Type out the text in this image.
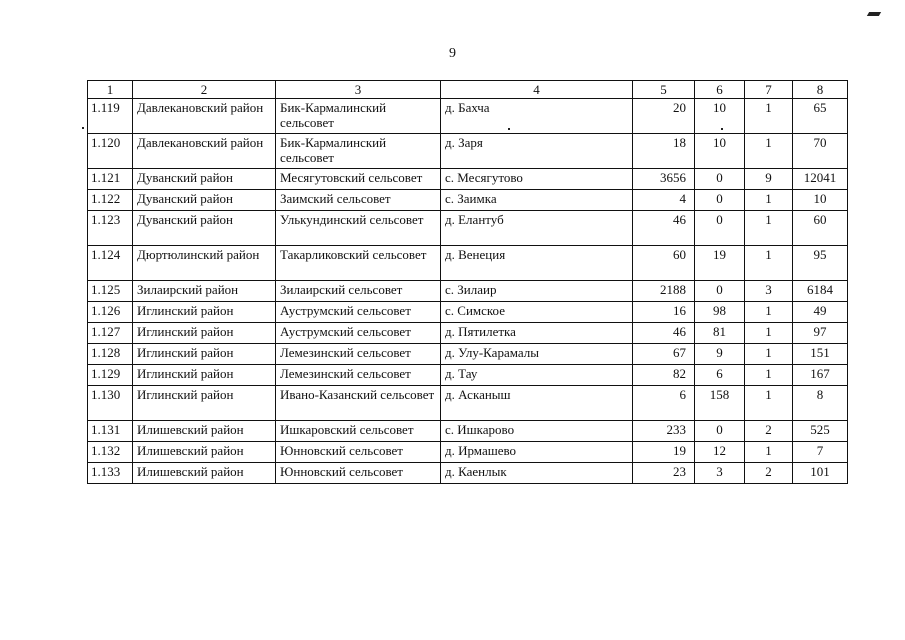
9
1	2	3	4	5	6	7	8
1.119	Давлекановский район	Бик-Кармалинский сельсовет	д. Бахча	20	10	1	65
1.120	Давлекановский район	Бик-Кармалинский сельсовет	д. Заря	18	10	1	70
1.121	Дуванский район	Месягутовский сельсовет	с. Месягутово	3656	0	9	12041
1.122	Дуванский район	Заимский сельсовет	с. Заимка	4	0	1	10
1.123	Дуванский район	Улькундинский сельсовет	д. Елантуб	46	0	1	60
1.124	Дюртюлинский район	Такарликовский сельсовет	д. Венеция	60	19	1	95
1.125	Зилаирский район	Зилаирский сельсовет	с. Зилаир	2188	0	3	6184
1.126	Иглинский район	Ауструмский сельсовет	с. Симское	16	98	1	49
1.127	Иглинский район	Ауструмский сельсовет	д. Пятилетка	46	81	1	97
1.128	Иглинский район	Лемезинский сельсовет	д. Улу-Карамалы	67	9	1	151
1.129	Иглинский район	Лемезинский сельсовет	д. Тау	82	6	1	167
1.130	Иглинский район	Ивано-Казанский сельсовет	д. Асканыш	6	158	1	8
1.131	Илишевский район	Ишкаровский сельсовет	с. Ишкарово	233	0	2	525
1.132	Илишевский район	Юнновский сельсовет	д. Ирмашево	19	12	1	7
1.133	Илишевский район	Юнновский сельсовет	д. Каенлык	23	3	2	101
